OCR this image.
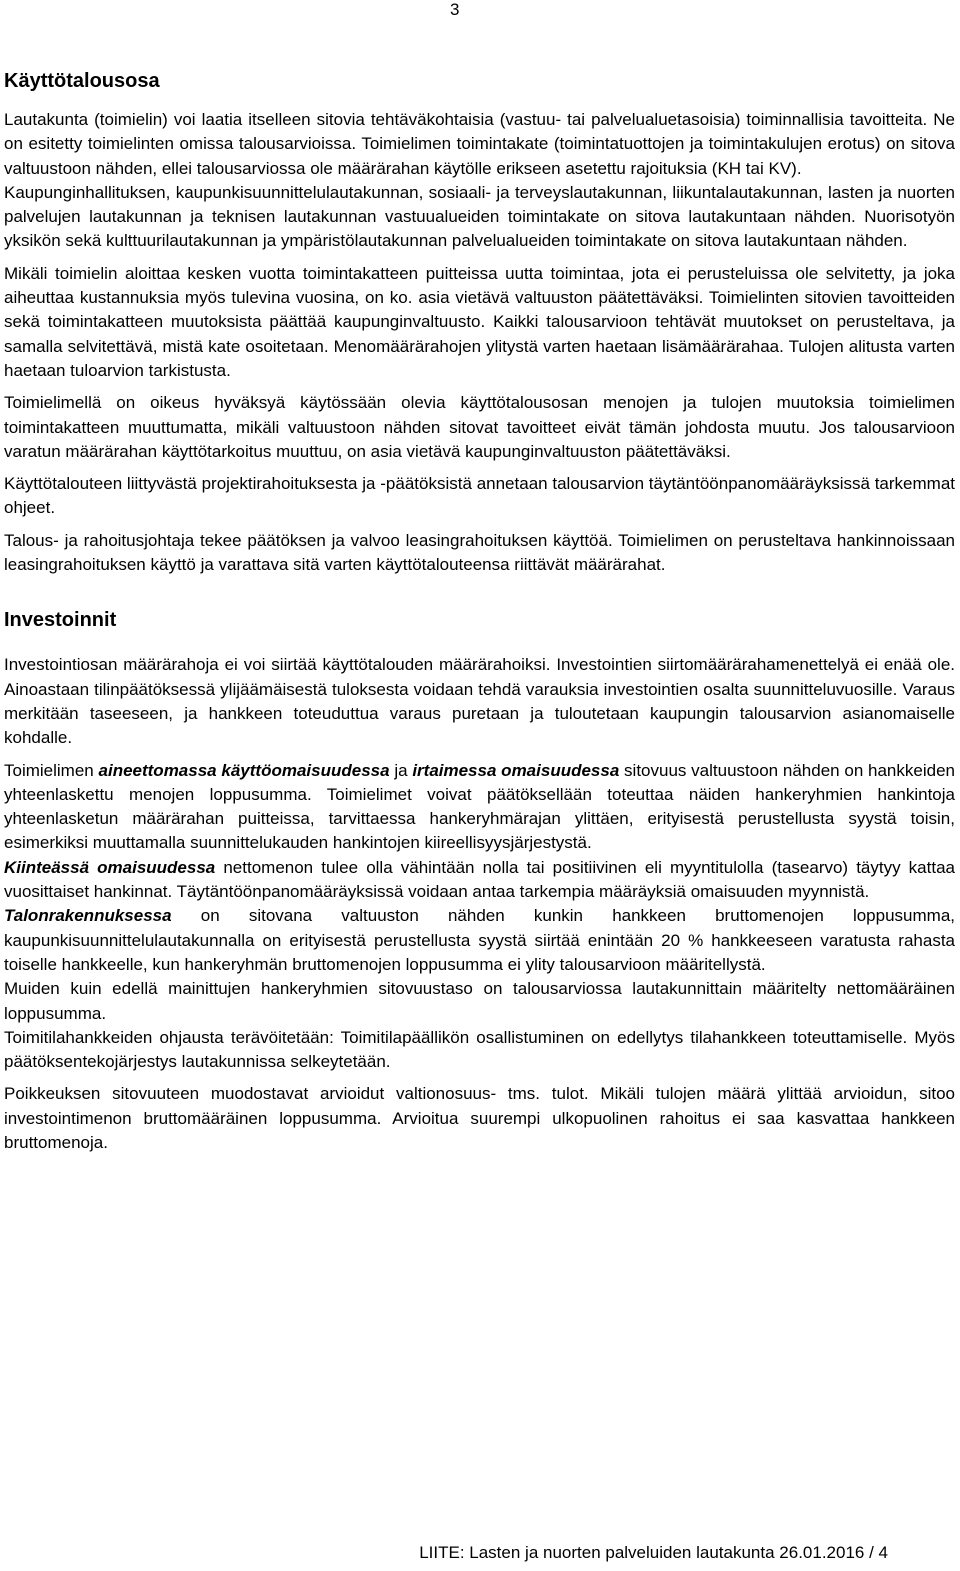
3
Käyttötalousosa

Lautakunta (toimielin) voi laatia itselleen sitovia tehtäväkohtaisia (vastuu- tai palvelualuetasoisia) toiminnallisia tavoitteita. Ne on esitetty toimielinten omissa talousarvioissa. Toimielimen toimintakate (toimintatuottojen ja toimintakulujen erotus) on sitova valtuustoon nähden, ellei talousarviossa ole määrärahan käytölle erikseen asetettu rajoituksia (KH tai KV).

Kaupunginhallituksen, kaupunkisuunnittelulautakunnan, sosiaali- ja terveyslautakunnan, liikuntalautakunnan, lasten ja nuorten palvelujen lautakunnan ja teknisen lautakunnan vastuualueiden toimintakate on sitova lautakuntaan nähden. Nuorisotyön yksikön sekä kulttuurilautakunnan ja ympäristölautakunnan palvelualueiden toimintakate on sitova lautakuntaan nähden.

Mikäli toimielin aloittaa kesken vuotta toimintakatteen puitteissa uutta toimintaa, jota ei perusteluissa ole selvitetty, ja joka aiheuttaa kustannuksia myös tulevina vuosina, on ko. asia vietävä valtuuston päätettäväksi. Toimielinten sitovien tavoitteiden sekä toimintakatteen muutoksista päättää kaupunginvaltuusto. Kaikki talousarvioon tehtävät muutokset on perusteltava, ja samalla selvitettävä, mistä kate osoitetaan. Menomäärärahojen ylitystä varten haetaan lisämäärärahaa. Tulojen alitusta varten haetaan tuloarvion tarkistusta.

Toimielimellä on oikeus hyväksyä käytössään olevia käyttötalousosan menojen ja tulojen muutoksia toimielimen toimintakatteen muuttumatta, mikäli valtuustoon nähden sitovat tavoitteet eivät tämän johdosta muutu. Jos talousarvioon varatun määrärahan käyttötarkoitus muuttuu, on asia vietävä kaupunginvaltuuston päätettäväksi.

Käyttötalouteen liittyvästä projektirahoituksesta ja -päätöksistä annetaan talousarvion täytäntöönpanomääräyksissä tarkemmat ohjeet.

Talous- ja rahoitusjohtaja tekee päätöksen ja valvoo leasingrahoituksen käyttöä. Toimielimen on perusteltava hankinnoissaan leasingrahoituksen käyttö ja varattava sitä varten käyttötalouteensa riittävät määrärahat.

Investoinnit

Investointiosan määrärahoja ei voi siirtää käyttötalouden määrärahoiksi. Investointien siirtomäärärahamenettelyä ei enää ole. Ainoastaan tilinpäätöksessä ylijäämäisestä tuloksesta voidaan tehdä varauksia investointien osalta suunnitteluvuosille. Varaus merkitään taseeseen, ja hankkeen toteuduttua varaus puretaan ja tuloutetaan kaupungin talousarvion asianomaiselle kohdalle.

Toimielimen aineettomassa käyttöomaisuudessa ja irtaimessa omaisuudessa sitovuus valtuustoon nähden on hankkeiden yhteenlaskettu menojen loppusumma. Toimielimet voivat päätöksellään toteuttaa näiden hankeryhmien hankintoja yhteenlasketun määrärahan puitteissa, tarvittaessa hankeryhmärajan ylittäen, erityisestä perustellusta syystä toisin, esimerkiksi muuttamalla suunnittelukauden hankintojen kiireellisyysjärjestystä.

Kiinteässä omaisuudessa nettomenon tulee olla vähintään nolla tai positiivinen eli myyntitulolla (tasearvo) täytyy kattaa vuosittaiset hankinnat. Täytäntöönpanomääräyksissä voidaan antaa tarkempia määräyksiä omaisuuden myynnistä.

Talonrakennuksessa on sitovana valtuuston nähden kunkin hankkeen bruttomenojen loppusumma, kaupunkisuunnittelulautakunnalla on erityisestä perustellusta syystä siirtää enintään 20 % hankkeeseen varatusta rahasta toiselle hankkeelle, kun hankeryhmän bruttomenojen loppusumma ei ylity talousarvioon määritellystä.

Muiden kuin edellä mainittujen hankeryhmien sitovuustaso on talousarviossa lautakunnittain määritelty nettomääräinen loppusumma.

Toimitilahankkeiden ohjausta terävöitetään: Toimitilapäällikön osallistuminen on edellytys tilahankkeen toteuttamiselle. Myös päätöksentekojärjestys lautakunnissa selkeytetään.

Poikkeuksen sitovuuteen muodostavat arvioidut valtionosuus- tms. tulot. Mikäli tulojen määrä ylittää arvioidun, sitoo investointimenon bruttomääräinen loppusumma. Arvioitua suurempi ulkopuolinen rahoitus ei saa kasvattaa hankkeen bruttomenoja.

LIITE: Lasten ja nuorten palveluiden lautakunta 26.01.2016 / 4
